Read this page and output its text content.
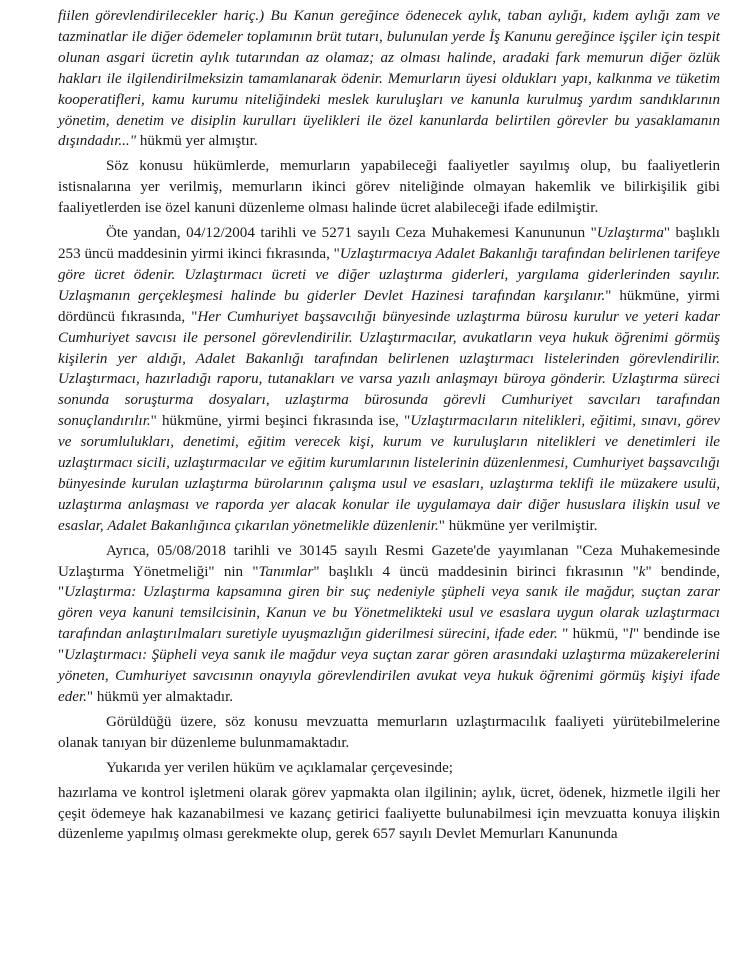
fiilen görevlendirilecekler hariç.) Bu Kanun gereğince ödenecek aylık, taban aylığı, kıdem aylığı zam ve tazminatlar ile diğer ödemeler toplamının brüt tutarı, bulunulan yerde İş Kanunu gereğince işçiler için tespit olunan asgari ücretin aylık tutarından az olamaz; az olması halinde, aradaki fark memurun diğer özlük hakları ile ilgilendirilmeksizin tamamlanarak ödenir. Memurların üyesi oldukları yapı, kalkınma ve tüketim kooperatifleri, kamu kurumu niteliğindeki meslek kuruluşları ve kanunla kurulmuş yardım sandıklarının yönetim, denetim ve disiplin kurulları üyelikleri ile özel kanunlarda belirtilen görevler bu yasaklamanın dışındadır..." hükmü yer almıştır.

Söz konusu hükümlerde, memurların yapabileceği faaliyetler sayılmış olup, bu faaliyetlerin istisnalarına yer verilmiş, memurların ikinci görev niteliğinde olmayan hakemlik ve bilirkişilik gibi faaliyetlerden ise özel kanuni düzenleme olması halinde ücret alabileceği ifade edilmiştir.

Öte yandan, 04/12/2004 tarihli ve 5271 sayılı Ceza Muhakemesi Kanununun "Uzlaştırma" başlıklı 253 üncü maddesinin yirmi ikinci fıkrasında, "Uzlaştırmacıya Adalet Bakanlığı tarafından belirlenen tarifeye göre ücret ödenir. Uzlaştırmacı ücreti ve diğer uzlaştırma giderleri, yargılama giderlerinden sayılır. Uzlaşmanın gerçekleşmesi halinde bu giderler Devlet Hazinesi tarafından karşılanır." hükmüne, yirmi dördüncü fıkrasında, "Her Cumhuriyet başsavcılığı bünyesinde uzlaştırma bürosu kurulur ve yeteri kadar Cumhuriyet savcısı ile personel görevlendirilir. Uzlaştırmacılar, avukatların veya hukuk öğrenimi görmüş kişilerin yer aldığı, Adalet Bakanlığı tarafından belirlenen uzlaştırmacı listelerinden görevlendirilir. Uzlaştırmacı, hazırladığı raporu, tutanakları ve varsa yazılı anlaşmayı büroya gönderir. Uzlaştırma süreci sonunda soruşturma dosyaları, uzlaştırma bürosunda görevli Cumhuriyet savcıları tarafından sonuçlandırılır." hükmüne, yirmi beşinci fıkrasında ise, "Uzlaştırmacıların nitelikleri, eğitimi, sınavı, görev ve sorumlulukları, denetimi, eğitim verecek kişi, kurum ve kuruluşların nitelikleri ve denetimleri ile uzlaştırmacı sicili, uzlaştırmacılar ve eğitim kurumlarının listelerinin düzenlenmesi, Cumhuriyet başsavcılığı bünyesinde kurulan uzlaştırma bürolarının çalışma usul ve esasları, uzlaştırma teklifi ile müzakere usulü, uzlaştırma anlaşması ve raporda yer alacak konular ile uygulamaya dair diğer hususlara ilişkin usul ve esaslar, Adalet Bakanlığınca çıkarılan yönetmelikle düzenlenir." hükmüne yer verilmiştir.

Ayrıca, 05/08/2018 tarihli ve 30145 sayılı Resmi Gazete'de yayımlanan "Ceza Muhakemesinde Uzlaştırma Yönetmeliği" nin "Tanımlar" başlıklı 4 üncü maddesinin birinci fıkrasının "k" bendinde, "Uzlaştırma: Uzlaştırma kapsamına giren bir suç nedeniyle şüpheli veya sanık ile mağdur, suçtan zarar gören veya kanuni temsilcisinin, Kanun ve bu Yönetmelikteki usul ve esaslara uygun olarak uzlaştırmacı tarafından anlaştırılmaları suretiyle uyuşmazlığın giderilmesi sürecini, ifade eder. " hükmü, "l" bendinde ise "Uzlaştırmacı: Şüpheli veya sanık ile mağdur veya suçtan zarar gören arasındaki uzlaştırma müzakerelerini yöneten, Cumhuriyet savcısının onayıyla görevlendirilen avukat veya hukuk öğrenimi görmüş kişiyi ifade eder." hükmü yer almaktadır.

Görüldüğü üzere, söz konusu mevzuatta memurların uzlaştırmacılık faaliyeti yürütebilmelerine olanak tanıyan bir düzenleme bulunmamaktadır.

Yukarıda yer verilen hüküm ve açıklamalar çerçevesinde;

hazırlama ve kontrol işletmeni olarak görev yapmakta olan ilgilinin; aylık, ücret, ödenek, hizmetle ilgili her çeşit ödemeye hak kazanabilmesi ve kazanç getirici faaliyette bulunabilmesi için mevzuatta konuya ilişkin düzenleme yapılmış olması gerekmekte olup, gerek 657 sayılı Devlet Memurları Kanununda
